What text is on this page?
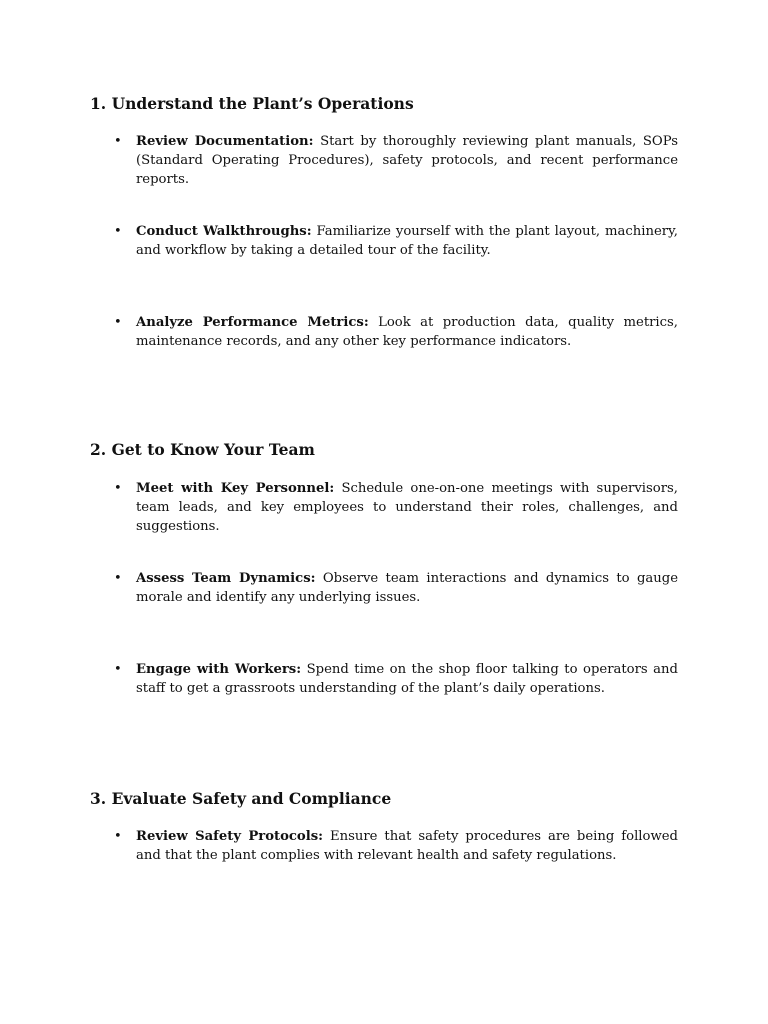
1. Understand the Plant’s Operations
• Review Documentation: Start by thoroughly reviewing plant manuals, SOPs (Standard Operating Procedures), safety protocols, and recent performance reports.

• Conduct Walkthroughs: Familiarize yourself with the plant layout, machinery, and workflow by taking a detailed tour of the facility.

• Analyze Performance Metrics: Look at production data, quality metrics, maintenance records, and any other key performance indicators.

2. Get to Know Your Team
• Meet with Key Personnel: Schedule one-on-one meetings with supervisors, team leads, and key employees to understand their roles, challenges, and suggestions.

• Assess Team Dynamics: Observe team interactions and dynamics to gauge morale and identify any underlying issues.

• Engage with Workers: Spend time on the shop floor talking to operators and staff to get a grassroots understanding of the plant’s daily operations.

3. Evaluate Safety and Compliance
• Review Safety Protocols: Ensure that safety procedures are being followed and that the plant complies with relevant health and safety regulations.
